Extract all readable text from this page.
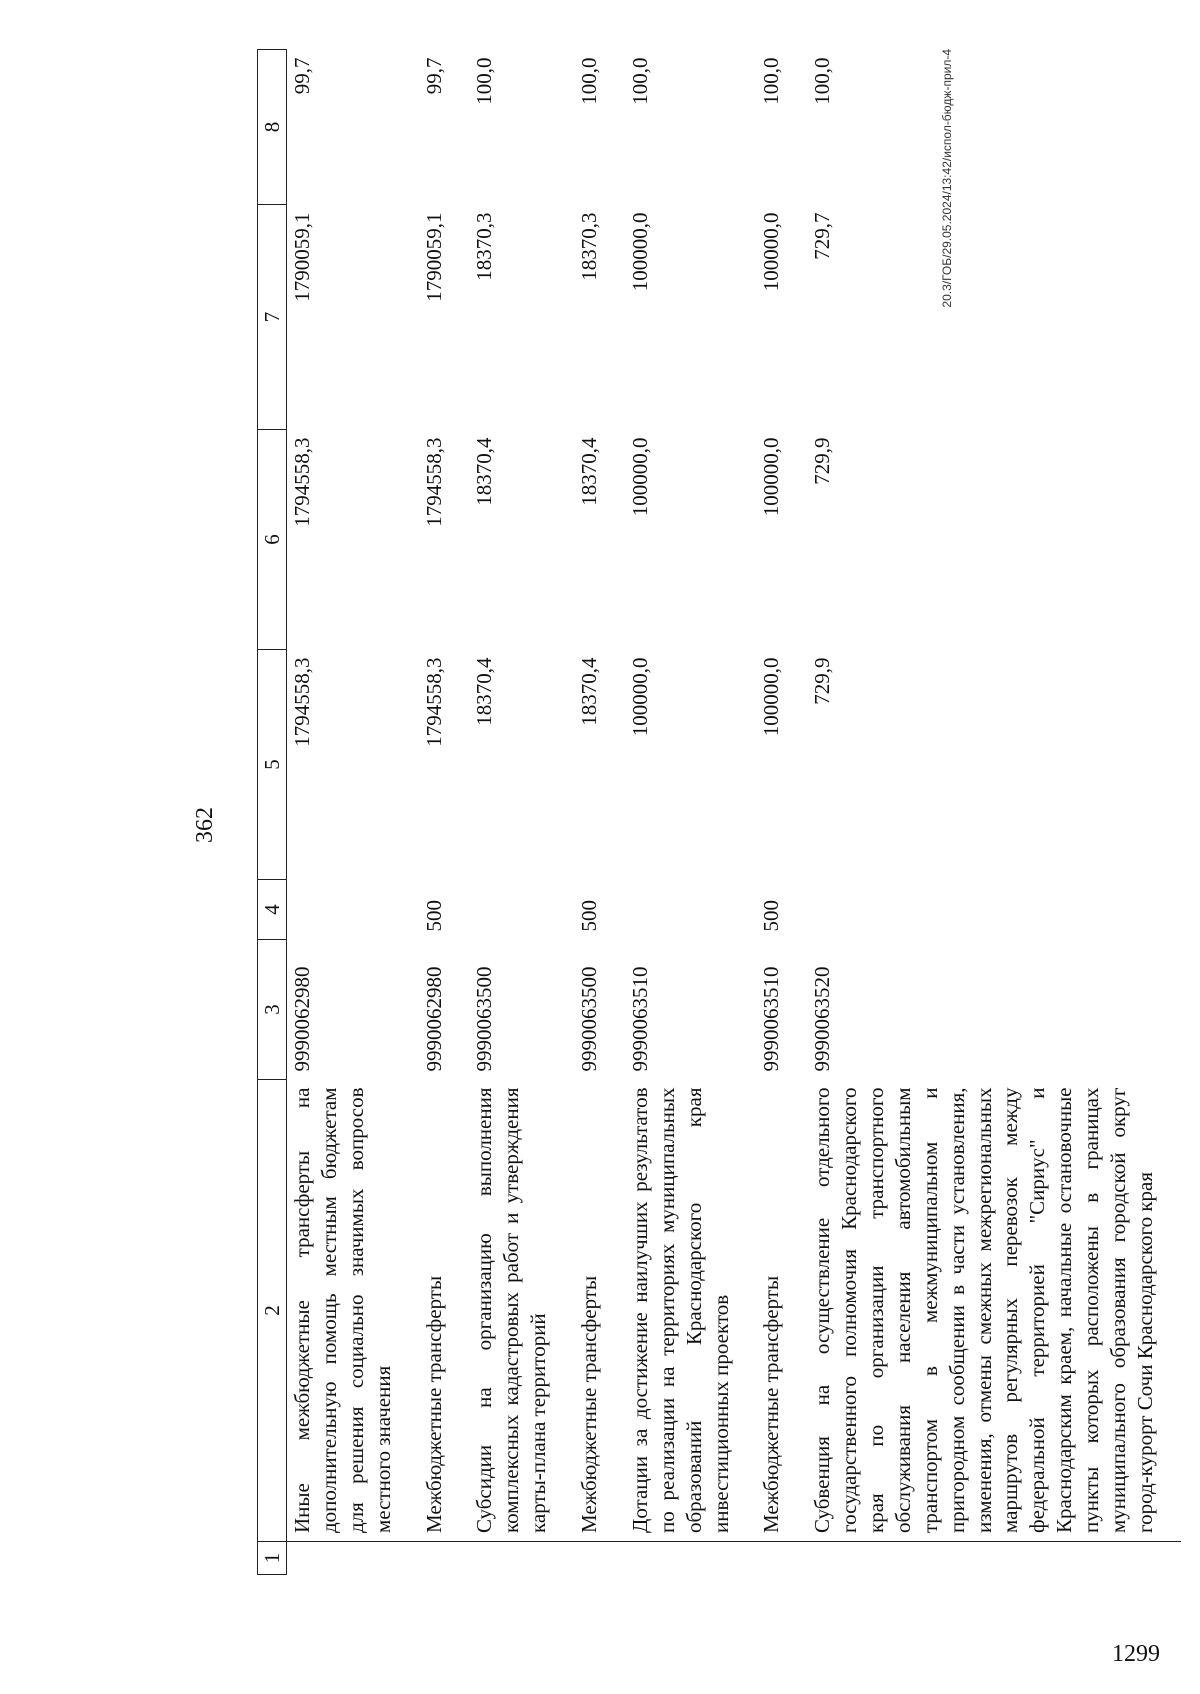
362
1	2	3	4	5	6	7	8
	Иные межбюджетные трансферты на дополнительную помощь местным бюджетам для решения социально значимых вопросов местного значения	9990062980		1794558,3	1794558,3	1790059,1	99,7
	Межбюджетные трансферты	9990062980	500	1794558,3	1794558,3	1790059,1	99,7
	Субсидии на организацию выполнения комплексных кадастровых работ и утверждения карты-плана территорий	9990063500		18370,4	18370,4	18370,3	100,0
	Межбюджетные трансферты	9990063500	500	18370,4	18370,4	18370,3	100,0
	Дотации за достижение наилучших результатов по реализации на территориях муниципальных образований Краснодарского края инвестиционных проектов	9990063510		100000,0	100000,0	100000,0	100,0
	Межбюджетные трансферты	9990063510	500	100000,0	100000,0	100000,0	100,0
	Субвенция на осуществление отдельного государственного полномочия Краснодарского края по организации транспортного обслуживания населения автомобильным транспортом в межмуниципальном и пригородном сообщении в части установления, изменения, отмены смежных межрегиональных маршрутов регулярных перевозок между федеральной территорией "Сириус" и Краснодарским краем, начальные остановочные пункты которых расположены в границах муниципального образования городской округ город-курорт Сочи Краснодарского края	9990063520		729,9	729,9	729,7	100,0	20.3/ГОБ/29.05.2024/13:42/испол-бюдж-прил-4
1299
